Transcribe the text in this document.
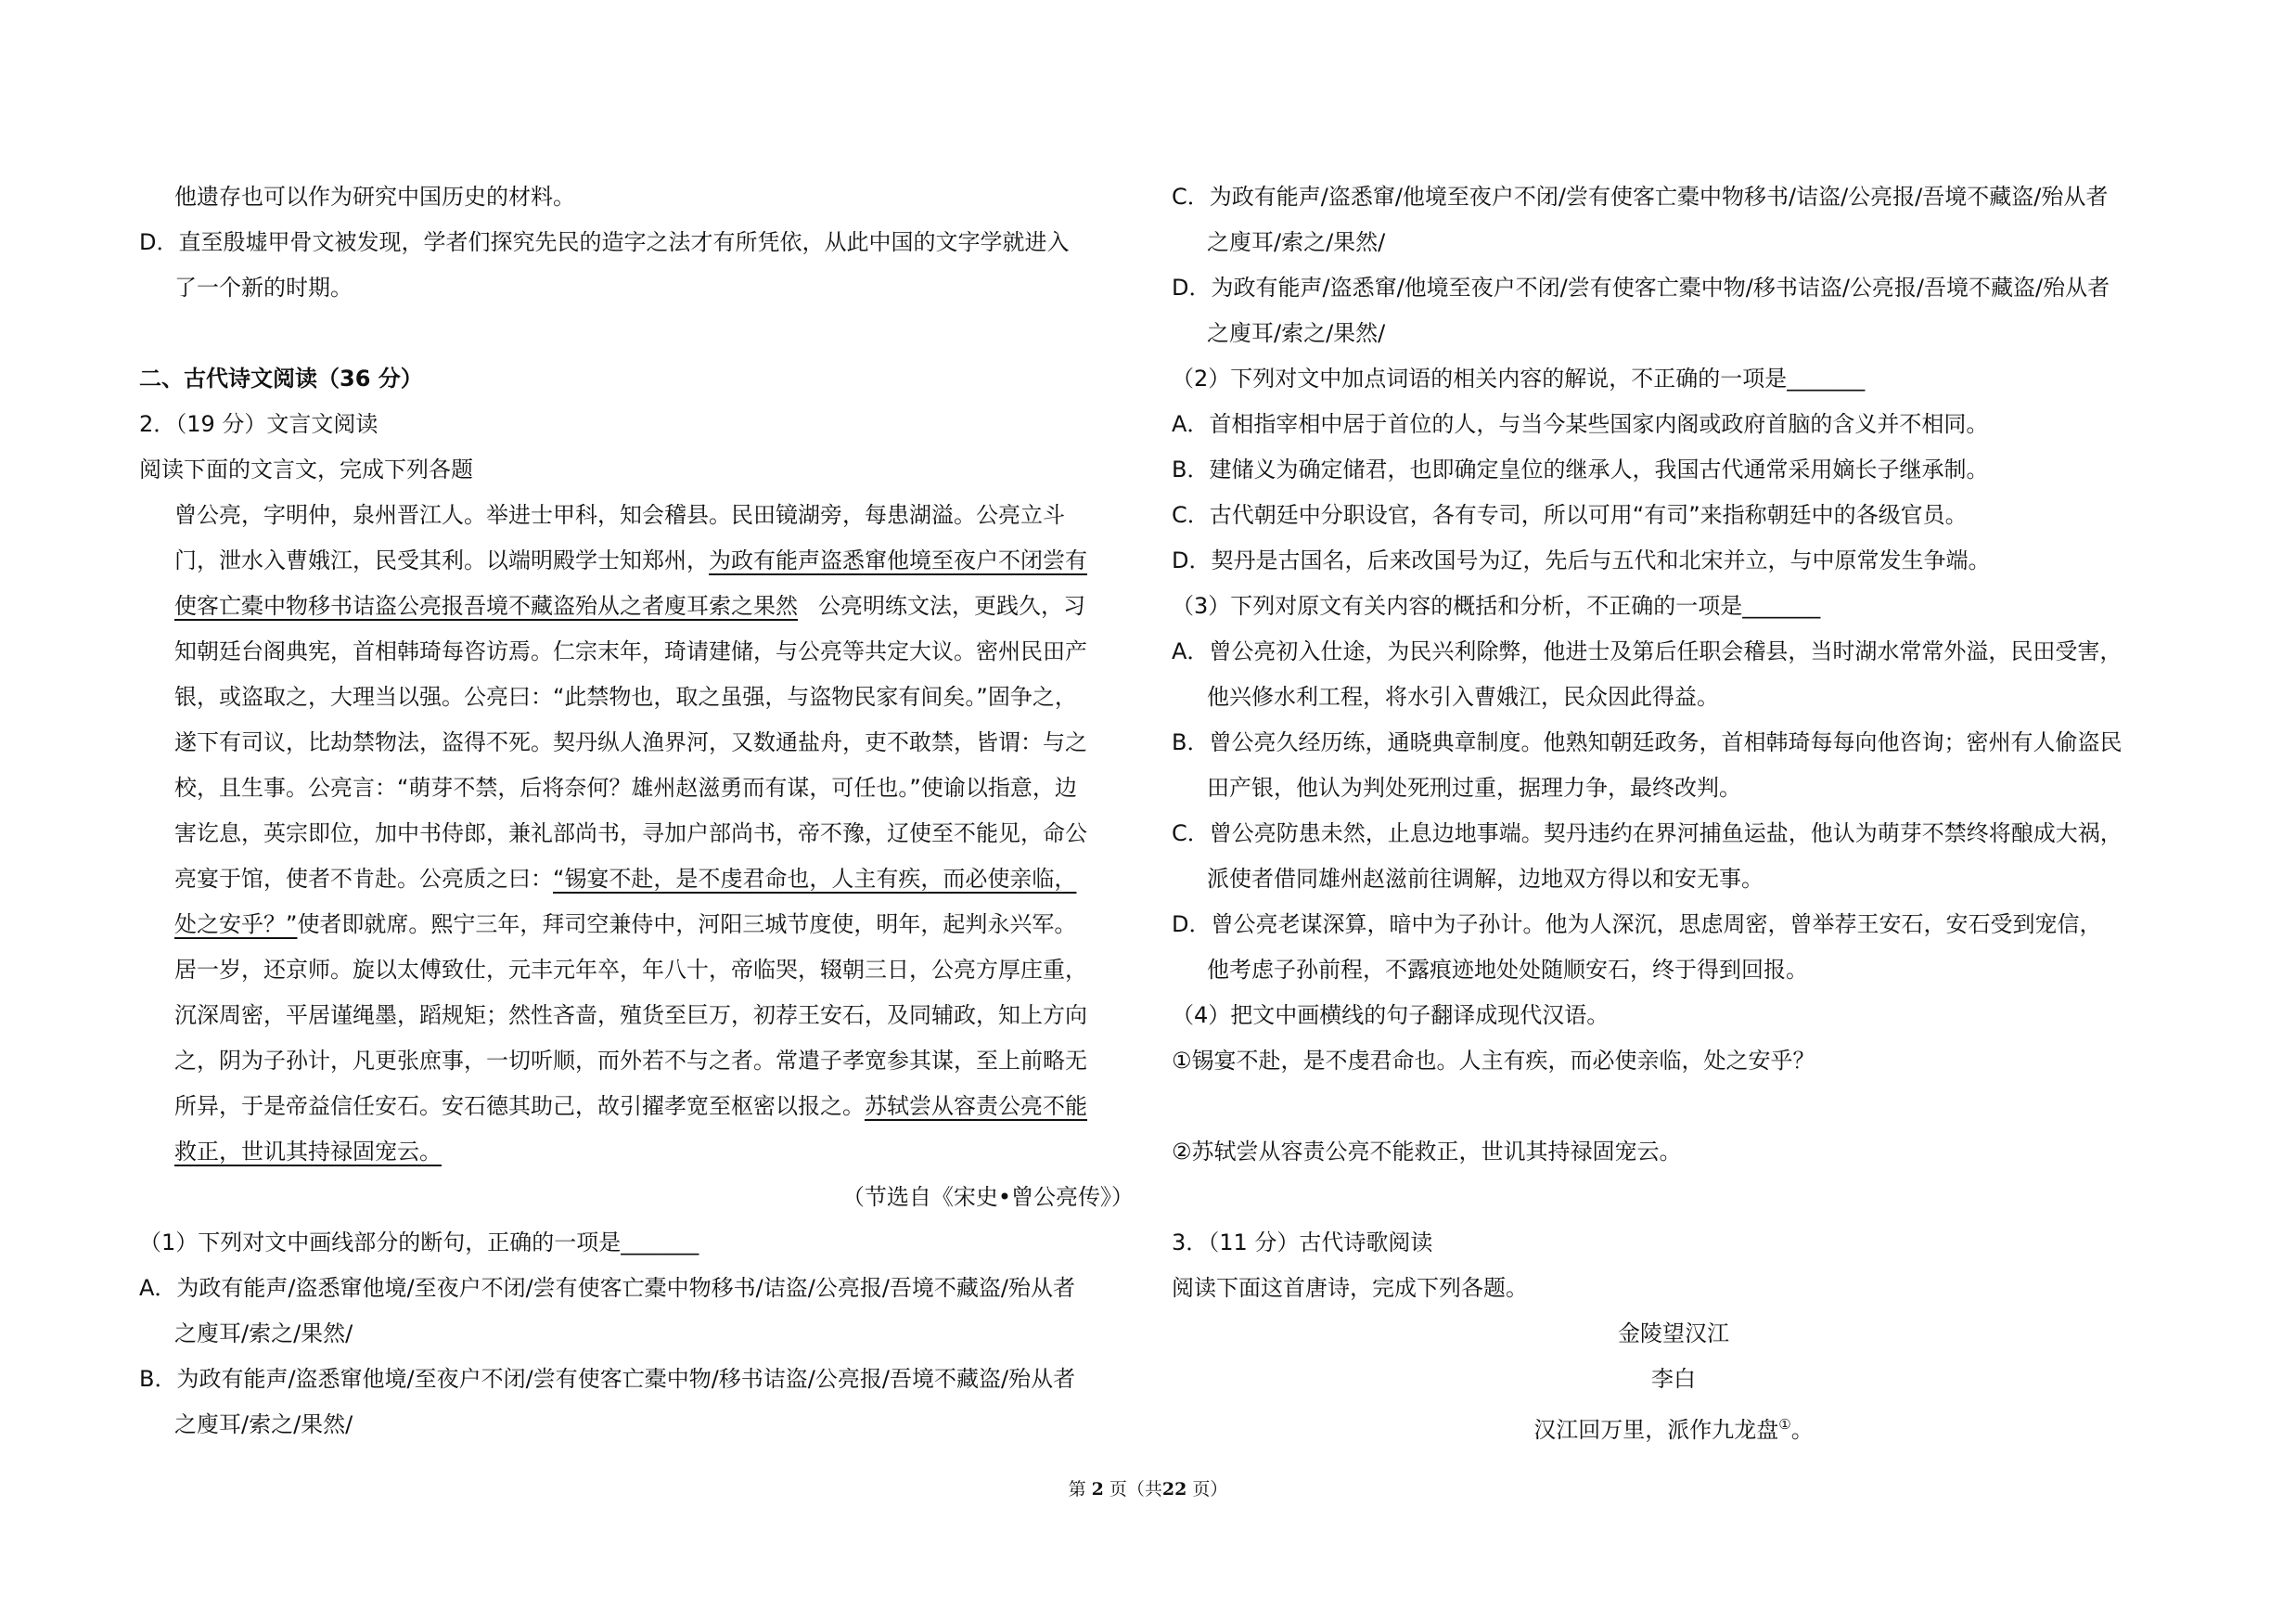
他遗存也可以作为研究中国历史的材料。
D．直至殷墟甲骨文被发现，学者们探究先民的造字之法才有所凭依，从此中国的文字学就进入
了一个新的时期。
二、古代诗文阅读（36 分）
2．（19 分）文言文阅读
阅读下面的文言文，完成下列各题
曾公亮，字明仲，泉州晋江人。举进士甲科，知会稽县。民田镜湖旁，每患湖溢。公亮立斗
门，泄水入曹娥江，民受其利。以端明殿学士知郑州，为政有能声盗悉窜他境至夜户不闭尝有
使客亡橐中物移书诘盗公亮报吾境不藏盗殆从之者廋耳索之果然 公亮明练文法，更践久，习
知朝廷台阁典宪，首相韩琦每咨访焉。仁宗末年，琦请建储，与公亮等共定大议。密州民田产
银，或盗取之，大理当以强。公亮曰：“此禁物也，取之虽强，与盗物民家有间矣。”固争之，
遂下有司议，比劫禁物法，盗得不死。契丹纵人渔界河，又数通盐舟，吏不敢禁，皆谓：与之
校，且生事。公亮言：“萌芽不禁，后将奈何？雄州赵滋勇而有谋，可任也。”使谕以指意，边
害讫息，英宗即位，加中书侍郎，兼礼部尚书，寻加户部尚书，帝不豫，辽使至不能见，命公
亮宴于馆，使者不肯赴。公亮质之曰：“锡宴不赴，是不虔君命也，人主有疾，而必使亲临，
处之安乎？”使者即就席。熙宁三年，拜司空兼侍中，河阳三城节度使，明年，起判永兴军。
居一岁，还京师。旋以太傅致仕，元丰元年卒，年八十，帝临哭，辍朝三日，公亮方厚庄重，
沉深周密，平居谨绳墨，蹈规矩；然性吝啬，殖货至巨万，初荐王安石，及同辅政，知上方向
之，阴为子孙计，凡更张庶事，一切听顺，而外若不与之者。常遣子孝宽参其谋，至上前略无
所异，于是帝益信任安石。安石德其助己，故引擢孝宽至枢密以报之。苏轼尝从容责公亮不能
救正，世讥其持禄固宠云。
（节选自《宋史•曾公亮传》）
（1）下列对文中画线部分的断句，正确的一项是_______
A．为政有能声/盗悉窜他境/至夜户不闭/尝有使客亡橐中物移书/诘盗/公亮报/吾境不藏盗/殆从者
之廋耳/索之/果然/
B．为政有能声/盗悉窜他境/至夜户不闭/尝有使客亡橐中物/移书诘盗/公亮报/吾境不藏盗/殆从者
之廋耳/索之/果然/
C．为政有能声/盗悉窜/他境至夜户不闭/尝有使客亡橐中物移书/诘盗/公亮报/吾境不藏盗/殆从者
之廋耳/索之/果然/
D．为政有能声/盗悉窜/他境至夜户不闭/尝有使客亡橐中物/移书诘盗/公亮报/吾境不藏盗/殆从者
之廋耳/索之/果然/
（2）下列对文中加点词语的相关内容的解说，不正确的一项是_______
A．首相指宰相中居于首位的人，与当今某些国家内阁或政府首脑的含义并不相同。
B．建储义为确定储君，也即确定皇位的继承人，我国古代通常采用嫡长子继承制。
C．古代朝廷中分职设官，各有专司，所以可用“有司”来指称朝廷中的各级官员。
D．契丹是古国名，后来改国号为辽，先后与五代和北宋并立，与中原常发生争端。
（3）下列对原文有关内容的概括和分析，不正确的一项是_______
A．曾公亮初入仕途，为民兴利除弊，他进士及第后任职会稽县，当时湖水常常外溢，民田受害，
他兴修水利工程，将水引入曹娥江，民众因此得益。
B．曾公亮久经历练，通晓典章制度。他熟知朝廷政务，首相韩琦每每向他咨询；密州有人偷盗民
田产银，他认为判处死刑过重，据理力争，最终改判。
C．曾公亮防患未然，止息边地事端。契丹违约在界河捕鱼运盐，他认为萌芽不禁终将酿成大祸，
派使者借同雄州赵滋前往调解，边地双方得以和安无事。
D．曾公亮老谋深算，暗中为子孙计。他为人深沉，思虑周密，曾举荐王安石，安石受到宠信，
他考虑子孙前程，不露痕迹地处处随顺安石，终于得到回报。
（4）把文中画横线的句子翻译成现代汉语。
①锡宴不赴，是不虔君命也。人主有疾，而必使亲临，处之安乎？
②苏轼尝从容责公亮不能救正，世讥其持禄固宠云。
3．（11 分）古代诗歌阅读
阅读下面这首唐诗，完成下列各题。
金陵望汉江
李白
汉江回万里，派作九龙盘①。
第 2 页（共22 页）
